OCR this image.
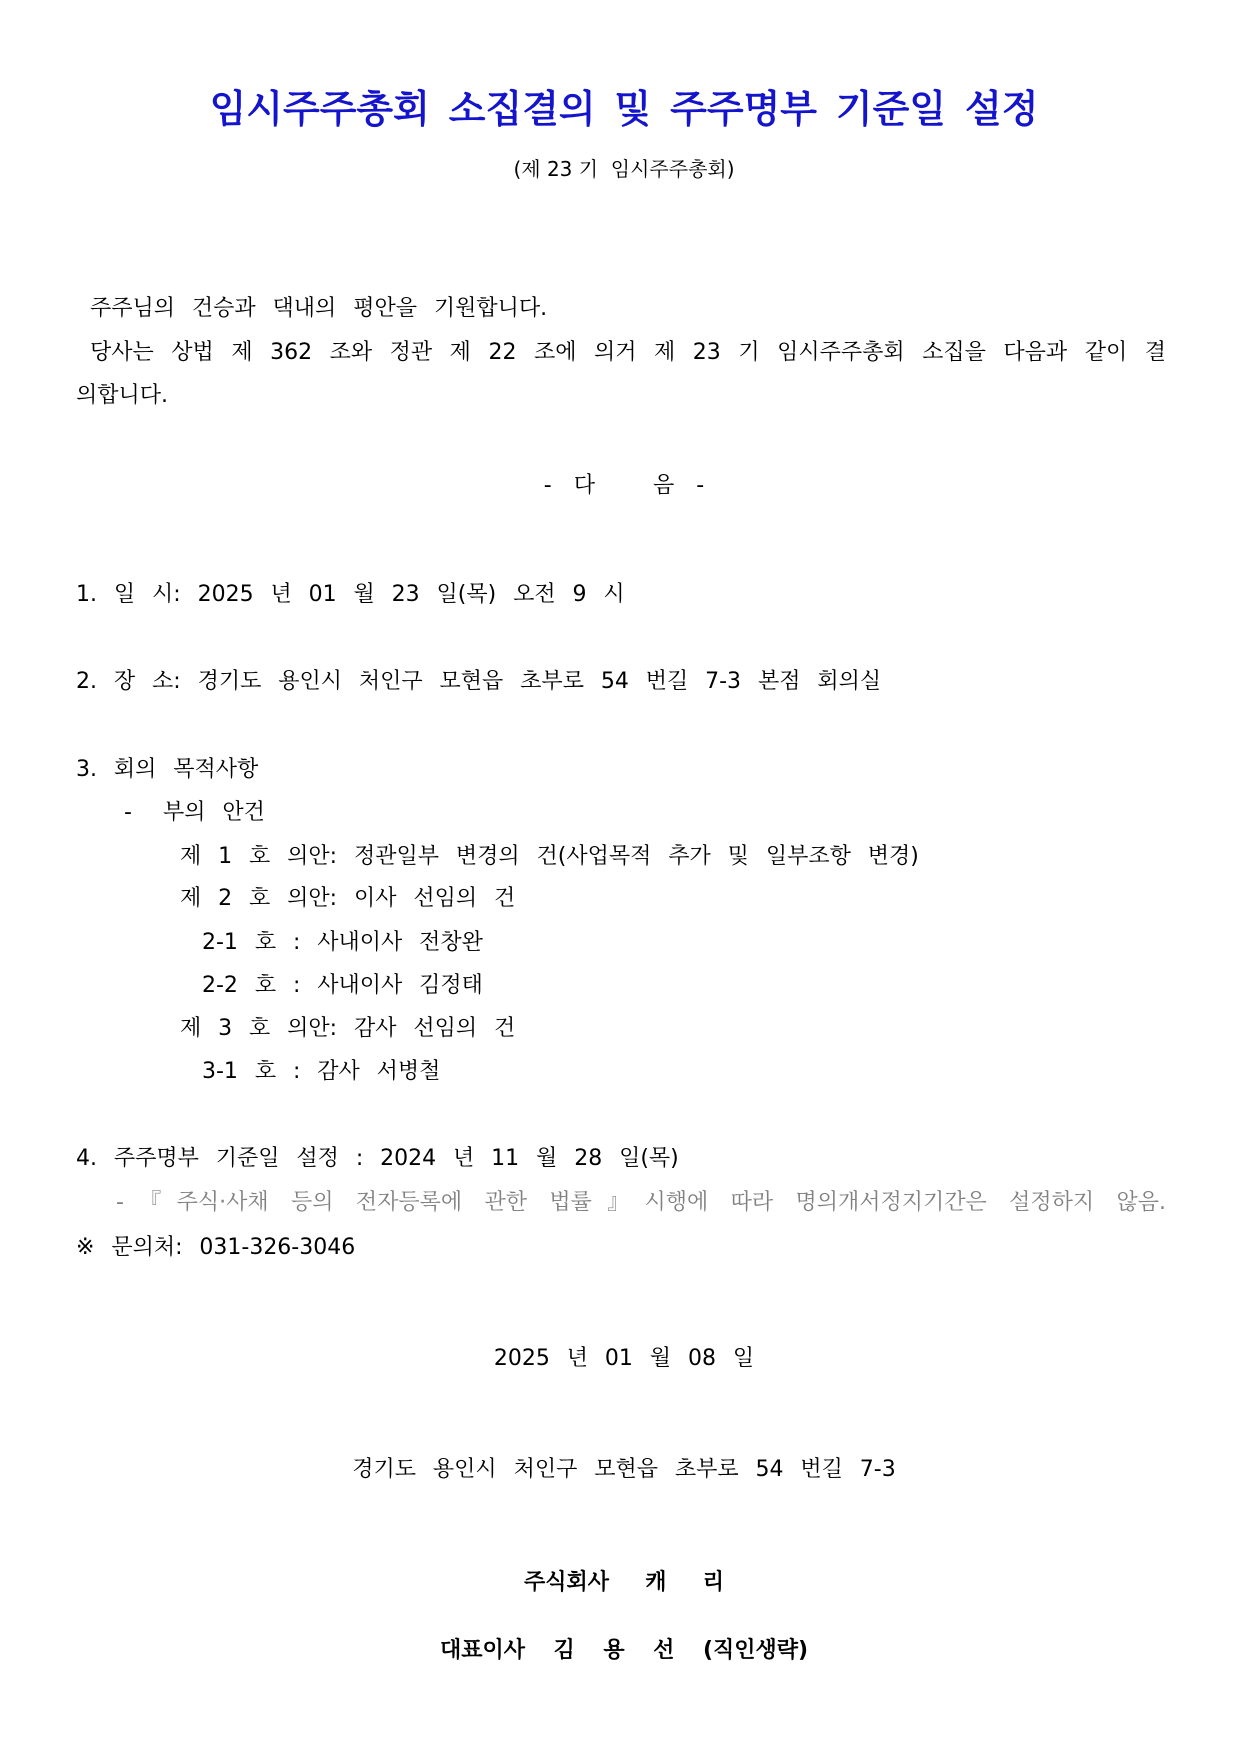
임시주주총회 소집결의 및 주주명부 기준일 설정
(제 23 기  임시주주총회)
주주님의 건승과 댁내의 평안을 기원합니다.
당사는 상법 제 362 조와 정관 제 22 조에 의거 제 23 기 임시주주총회 소집을 다음과 같이 결
의합니다.
- 다	음 -
1. 일 시: 2025 년 01 월 23 일(목) 오전 9 시
2. 장 소: 경기도 용인시 처인구 모현읍 초부로 54 번길 7-3 본점 회의실
3. 회의 목적사항
- 부의 안건
제 1 호 의안: 정관일부 변경의 건(사업목적 추가 및 일부조항 변경)
제 2 호 의안: 이사 선임의 건
2-1 호 : 사내이사 전창완
2-2 호 : 사내이사 김정태
제 3 호 의안: 감사 선임의 건
3-1 호 : 감사 서병철
4. 주주명부 기준일 설정 : 2024 년 11 월 28 일(목)
-『주식·사채 등의 전자등록에 관한 법률』시행에 따라 명의개서정지기간은 설정하지 않음.
※ 문의처: 031-326-3046
2025 년 01 월 08 일
경기도 용인시 처인구 모현읍 초부로 54 번길 7-3
주식회사 캐 리
대표이사 김 용 선 (직인생략)
